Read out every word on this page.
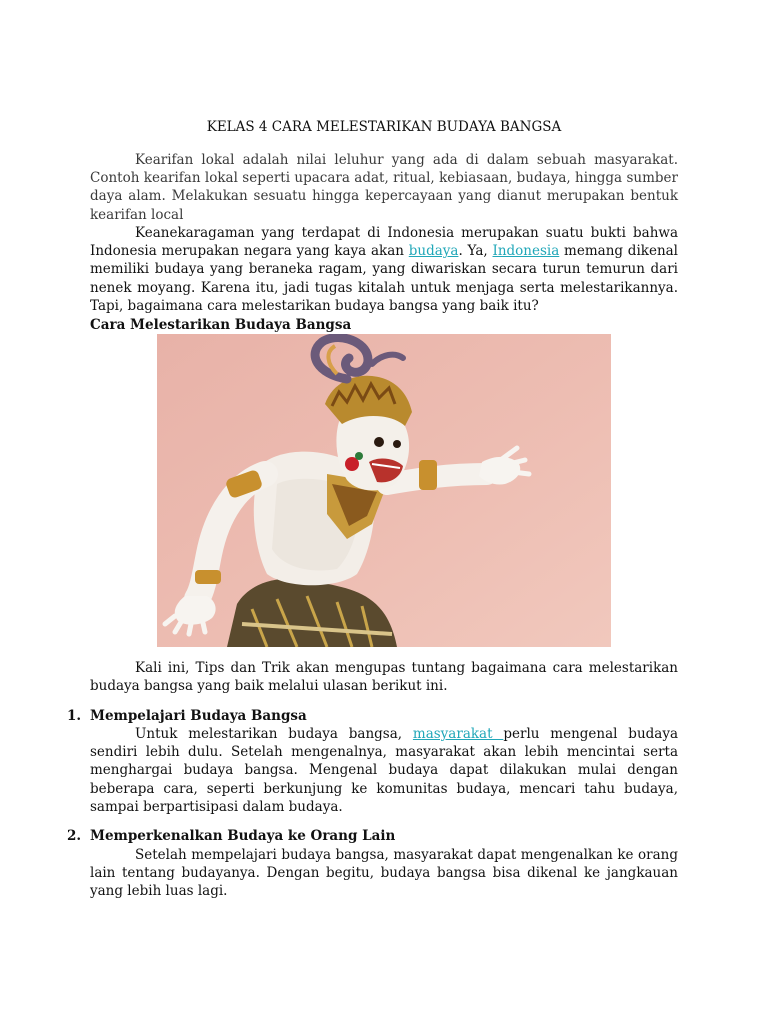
KELAS 4 CARA MELESTARIKAN BUDAYA BANGSA

Kearifan lokal adalah nilai leluhur yang ada di dalam sebuah masyarakat. Contoh kearifan lokal seperti upacara adat, ritual, kebiasaan, budaya, hingga sumber daya alam. Melakukan sesuatu hingga kepercayaan yang dianut merupakan bentuk kearifan local

Keanekaragaman yang terdapat di Indonesia merupakan suatu bukti bahwa Indonesia merupakan negara yang kaya akan budaya. Ya, Indonesia memang dikenal memiliki budaya yang beraneka ragam, yang diwariskan secara turun temurun dari nenek moyang. Karena itu, jadi tugas kitalah untuk menjaga serta melestarikannya. Tapi, bagaimana cara melestarikan budaya bangsa yang baik itu?

Cara Melestarikan Budaya Bangsa

Kali ini, Tips dan Trik akan mengupas tuntang bagaimana cara melestarikan budaya bangsa yang baik melalui ulasan berikut ini.

1. Mempelajari Budaya Bangsa

Untuk melestarikan budaya bangsa, masyarakat perlu mengenal budaya sendiri lebih dulu. Setelah mengenalnya, masyarakat akan lebih mencintai serta menghargai budaya bangsa. Mengenal budaya dapat dilakukan mulai dengan beberapa cara, seperti berkunjung ke komunitas budaya, mencari tahu budaya, sampai berpartisipasi dalam budaya.

2. Memperkenalkan Budaya ke Orang Lain

Setelah mempelajari budaya bangsa, masyarakat dapat mengenalkan ke orang lain tentang budayanya. Dengan begitu, budaya bangsa bisa dikenal ke jangkauan yang lebih luas lagi.
